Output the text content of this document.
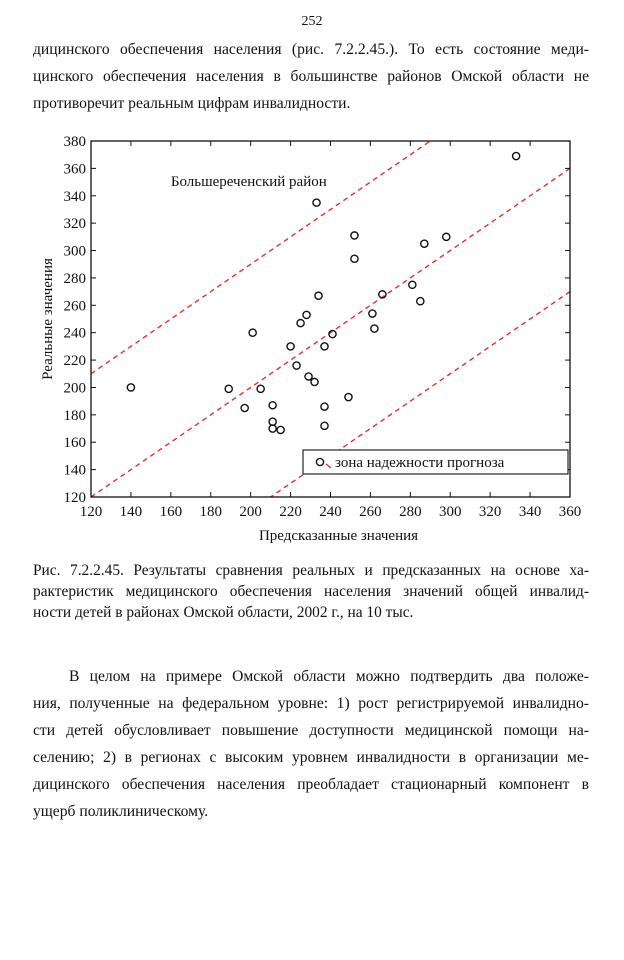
252

дицинского обеспечения населения (рис. 7.2.2.45.). То есть состояние меди-
цинского обеспечения населения в большинстве районов Омской области не
противоречит реальным цифрам инвалидности.

120 140 160 180 200 220 240 260 280 300 320 340 360
120
140
160
180
200
220
240
260
280
300
320
340
360
380
Предсказанные значения
Реальные значения
Большереченский район
зона надежности прогноза
Рис. 7.2.2.45. Результаты сравнения реальных и предсказанных на основе ха-
рактеристик медицинского обеспечения населения значений общей инвалид-
ности детей в районах Омской области, 2002 г., на 10 тыс.

В целом на примере Омской области можно подтвердить два положе-
ния, полученные на федеральном уровне: 1) рост регистрируемой инвалидно-
сти детей обусловливает повышение доступности медицинской помощи на-
селению; 2) в регионах с высоким уровнем инвалидности в организации ме-
дицинского обеспечения населения преобладает стационарный компонент в
ущерб поликлиническому.
